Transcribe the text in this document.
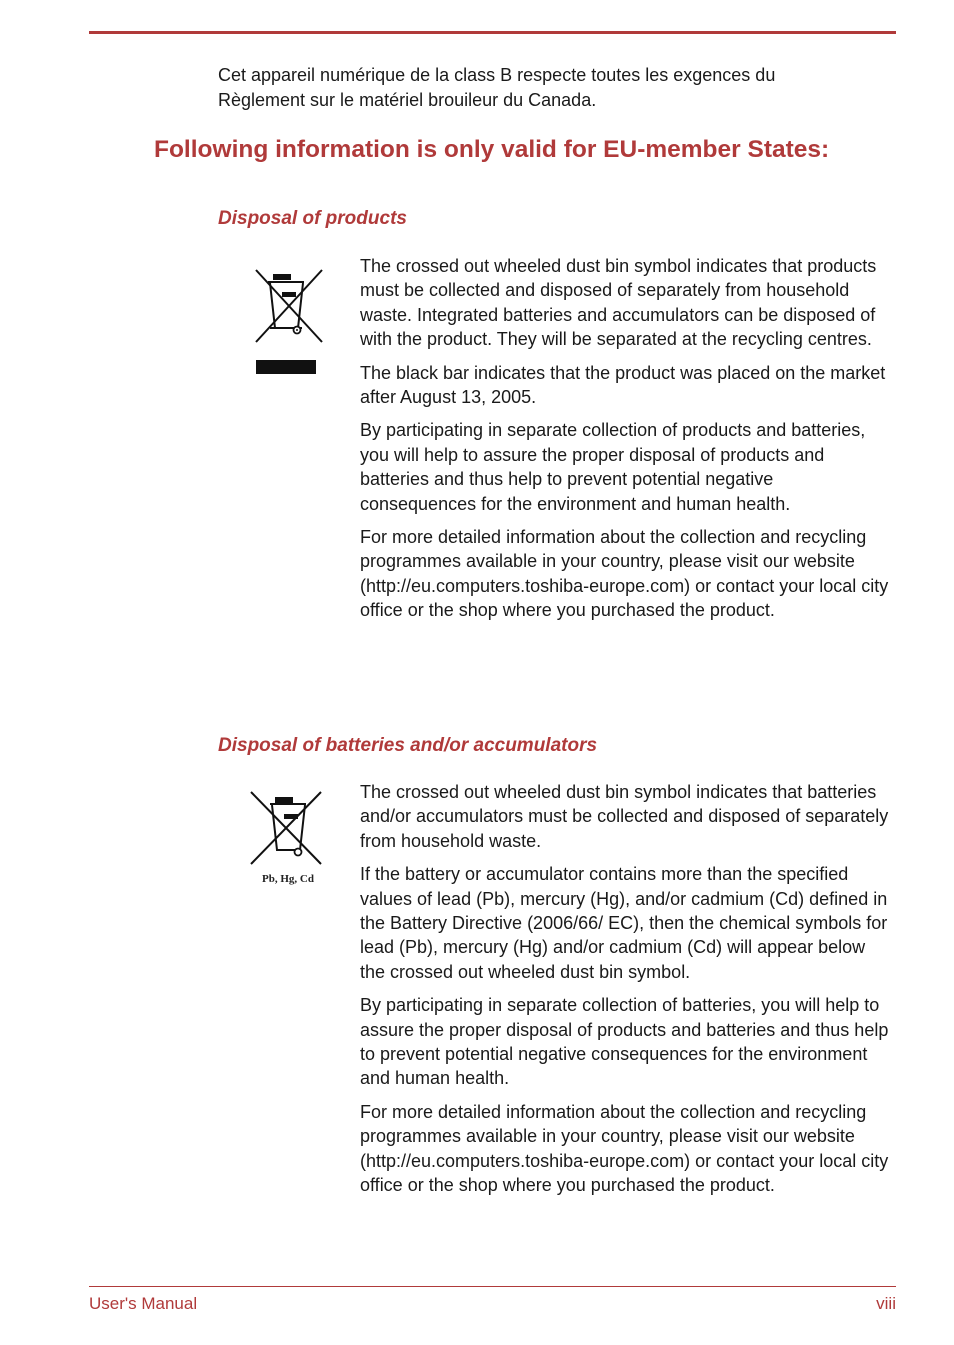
Cet appareil numérique de la class B respecte toutes les exgences du
Règlement sur le matériel brouileur du Canada.
Following information is only valid for EU-member States:
Disposal of products

The crossed out wheeled dust bin symbol indicates that products must be collected and disposed of separately from household waste. Integrated batteries and accumulators can be disposed of with the product. They will be separated at the recycling centres.

The black bar indicates that the product was placed on the market after August 13, 2005.

By participating in separate collection of products and batteries, you will help to assure the proper disposal of products and batteries and thus help to prevent potential negative consequences for the environment and human health.

For more detailed information about the collection and recycling programmes available in your country, please visit our website (http://eu.computers.toshiba-europe.com) or contact your local city office or the shop where you purchased the product.

Disposal of batteries and/or accumulators
Pb, Hg, Cd

The crossed out wheeled dust bin symbol indicates that batteries and/or accumulators must be collected and disposed of separately from household waste.

If the battery or accumulator contains more than the specified values of lead (Pb), mercury (Hg), and/or cadmium (Cd) defined in the Battery Directive (2006/66/ EC), then the chemical symbols for lead (Pb), mercury (Hg) and/or cadmium (Cd) will appear below the crossed out wheeled dust bin symbol.

By participating in separate collection of batteries, you will help to assure the proper disposal of products and batteries and thus help to prevent potential negative consequences for the environment and human health.

For more detailed information about the collection and recycling programmes available in your country, please visit our website (http://eu.computers.toshiba-europe.com) or contact your local city office or the shop where you purchased the product.

User's Manual	viii
